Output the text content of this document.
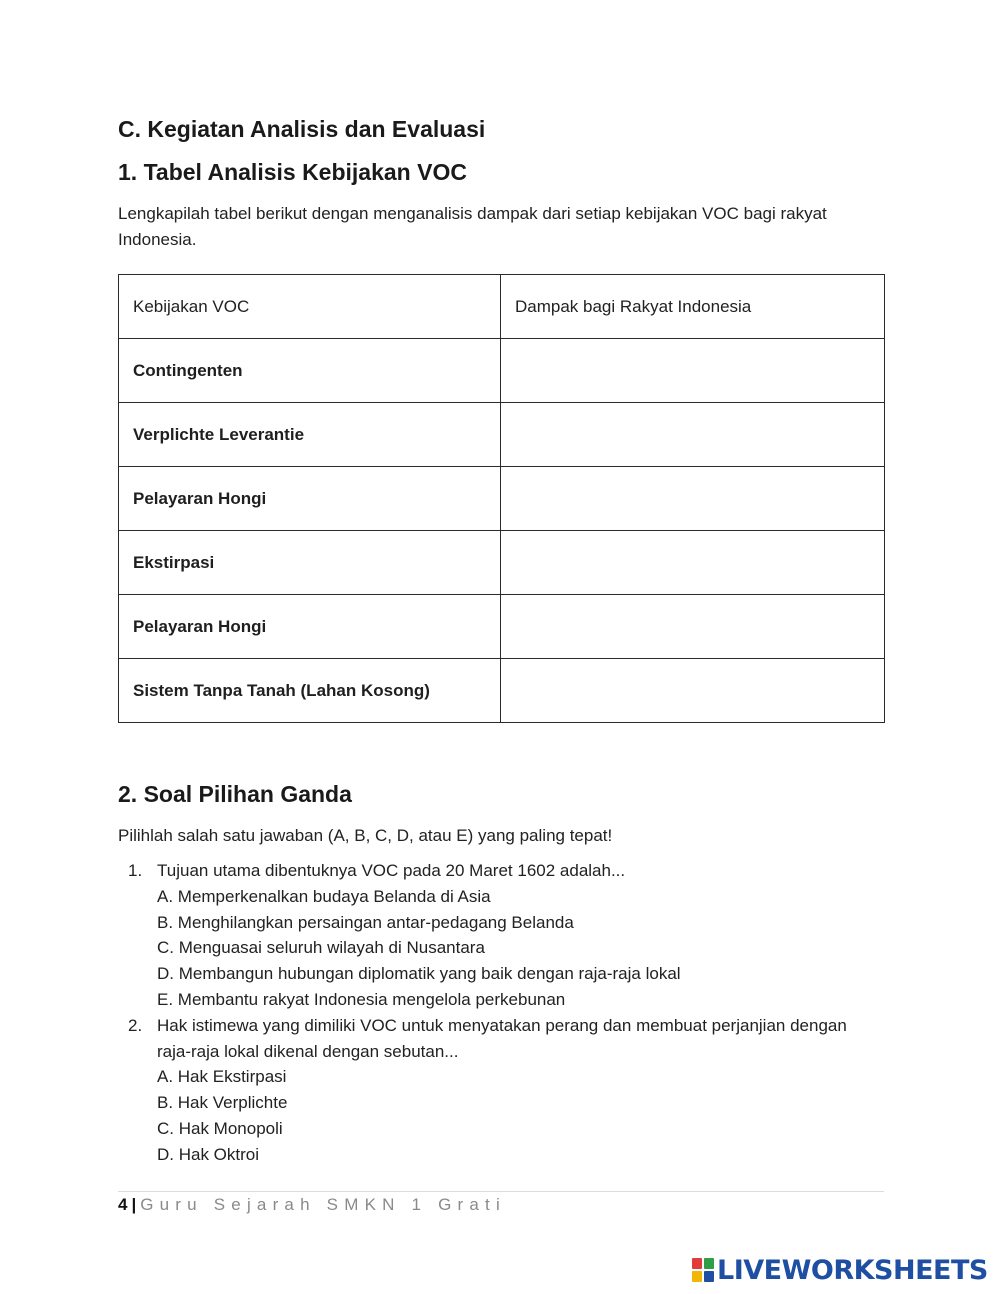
C. Kegiatan Analisis dan Evaluasi
1. Tabel Analisis Kebijakan VOC

Lengkapilah tabel berikut dengan menganalisis dampak dari setiap kebijakan VOC bagi rakyat Indonesia.

Kebijakan VOC	Dampak bagi Rakyat Indonesia
Contingenten	
Verplichte Leverantie	
Pelayaran Hongi	
Ekstirpasi	
Pelayaran Hongi	
Sistem Tanpa Tanah (Lahan Kosong)	
2. Soal Pilihan Ganda

Pilihlah salah satu jawaban (A, B, C, D, atau E) yang paling tepat!

1. Tujuan utama dibentuknya VOC pada 20 Maret 1602 adalah...
A. Memperkenalkan budaya Belanda di Asia
B. Menghilangkan persaingan antar-pedagang Belanda
C. Menguasai seluruh wilayah di Nusantara
D. Membangun hubungan diplomatik yang baik dengan raja-raja lokal
E. Membantu rakyat Indonesia mengelola perkebunan
2. Hak istimewa yang dimiliki VOC untuk menyatakan perang dan membuat perjanjian dengan raja-raja lokal dikenal dengan sebutan...
A. Hak Ekstirpasi
B. Hak Verplichte
C. Hak Monopoli
D. Hak Oktroi
4 | Guru Sejarah SMKN 1 Grati
LIVEWORKSHEETS
